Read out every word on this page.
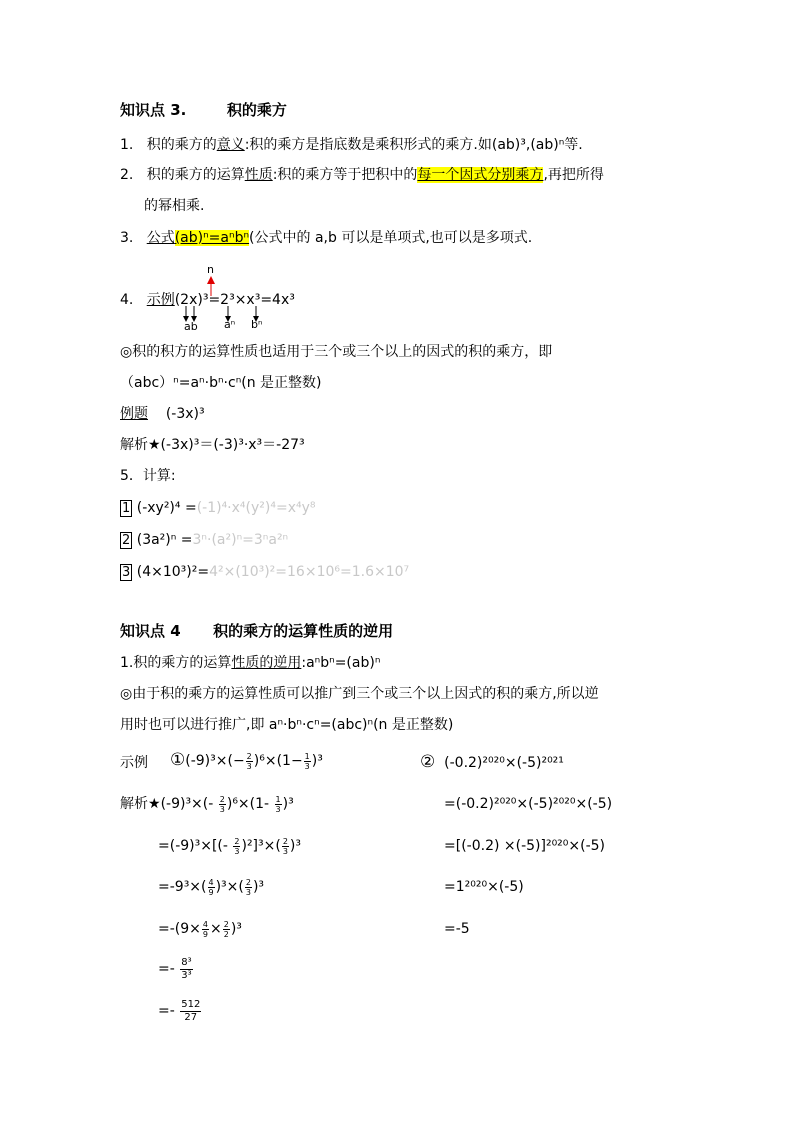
知识点 3.	积的乘方
1. 积的乘方的意义:积的乘方是指底数是乘积形式的乘方.如(ab)³,(ab)ⁿ等.
2. 积的乘方的运算性质:积的乘方等于把积中的每一个因式分别乘方,再把所得
的幂相乘.
3. 公式(ab)ⁿ=aⁿbⁿ(公式中的 a,b 可以是单项式,也可以是多项式.
n
4. 示例(2x)³=2³×x³=4x³
ab aⁿ bⁿ
◎积的积方的运算性质也适用于三个或三个以上的因式的积的乘方，即
（abc）ⁿ=aⁿ·bⁿ·cⁿ(n 是正整数)
例题 (-3x)³
解析★(-3x)³＝(-3)³·x³＝-27³
5．计算:
1 (-xy²)⁴ =(-1)⁴·x⁴(y²)⁴=x⁴y⁸
2 (3a²)ⁿ =3ⁿ·(a²)ⁿ=3ⁿa²ⁿ
3 (4×10³)²=4²×(10³)²=16×10⁶=1.6×10⁷
知识点 4 积的乘方的运算性质的逆用
1.积的乘方的运算性质的逆用:aⁿbⁿ=(ab)ⁿ
◎由于积的乘方的运算性质可以推广到三个或三个以上因式的积的乘方,所以逆
用时也可以进行推广,即 aⁿ·bⁿ·cⁿ=(abc)ⁿ(n 是正整数)
示例 ①(-9)³×(− $\frac{2}{3} )^6\times(1- \frac{1}{3} )^3$	② (-0.2)²⁰²⁰×(-5)²⁰²¹
解析★(-9)³×(- $\frac{2}{3} )^6\times(1- \frac{1}{3} )^3$
$=(-9)^3\times[(- \frac{2}{3} )^2]^3\times( \frac{2}{3} )^3$
$=-9^3\times( \frac{4}{9} )^3\times( \frac{2}{3} )^3$
$=-(9\times \frac{4}{9} \times \frac{2}{2} )^3$
=- $\frac{\text{8³}}{\text{3³}}$
=- $\frac{512}{27}$
=(-0.2)²⁰²⁰×(-5)²⁰²⁰×(-5)
=[(-0.2) ×(-5)]²⁰²⁰×(-5)
=1²⁰²⁰×(-5)
=-5
